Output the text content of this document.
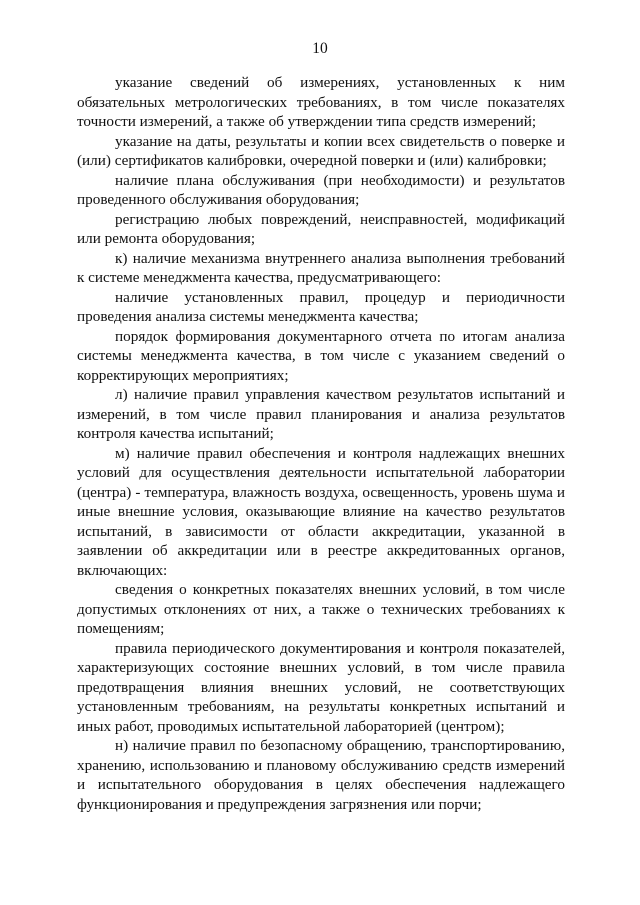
10

указание сведений об измерениях, установленных к ним обязательных метрологических требованиях, в том числе показателях точности измерений, а также об утверждении типа средств измерений;

указание на даты, результаты и копии всех свидетельств о поверке и (или) сертификатов калибровки, очередной поверки и (или) калибровки;

наличие плана обслуживания (при необходимости) и результатов проведенного обслуживания оборудования;

регистрацию любых повреждений, неисправностей, модификаций или ремонта оборудования;

к) наличие механизма внутреннего анализа выполнения требований к системе менеджмента качества, предусматривающего:

наличие установленных правил, процедур и периодичности проведения анализа системы менеджмента качества;

порядок формирования документарного отчета по итогам анализа системы менеджмента качества, в том числе с указанием сведений о корректирующих мероприятиях;

л) наличие правил управления качеством результатов испытаний и измерений, в том числе правил планирования и анализа результатов контроля качества испытаний;

м) наличие правил обеспечения и контроля надлежащих внешних условий для осуществления деятельности испытательной лаборатории (центра) - температура, влажность воздуха, освещенность, уровень шума и иные внешние условия, оказывающие влияние на качество результатов испытаний, в зависимости от области аккредитации, указанной в заявлении об аккредитации или в реестре аккредитованных органов, включающих:

сведения о конкретных показателях внешних условий, в том числе допустимых отклонениях от них, а также о технических требованиях к помещениям;

правила периодического документирования и контроля показателей, характеризующих состояние внешних условий, в том числе правила предотвращения влияния внешних условий, не соответствующих установленным требованиям, на результаты конкретных испытаний и иных работ, проводимых испытательной лабораторией (центром);

н) наличие правил по безопасному обращению, транспортированию, хранению, использованию и плановому обслуживанию средств измерений и испытательного оборудования в целях обеспечения надлежащего функционирования и предупреждения загрязнения или порчи;
